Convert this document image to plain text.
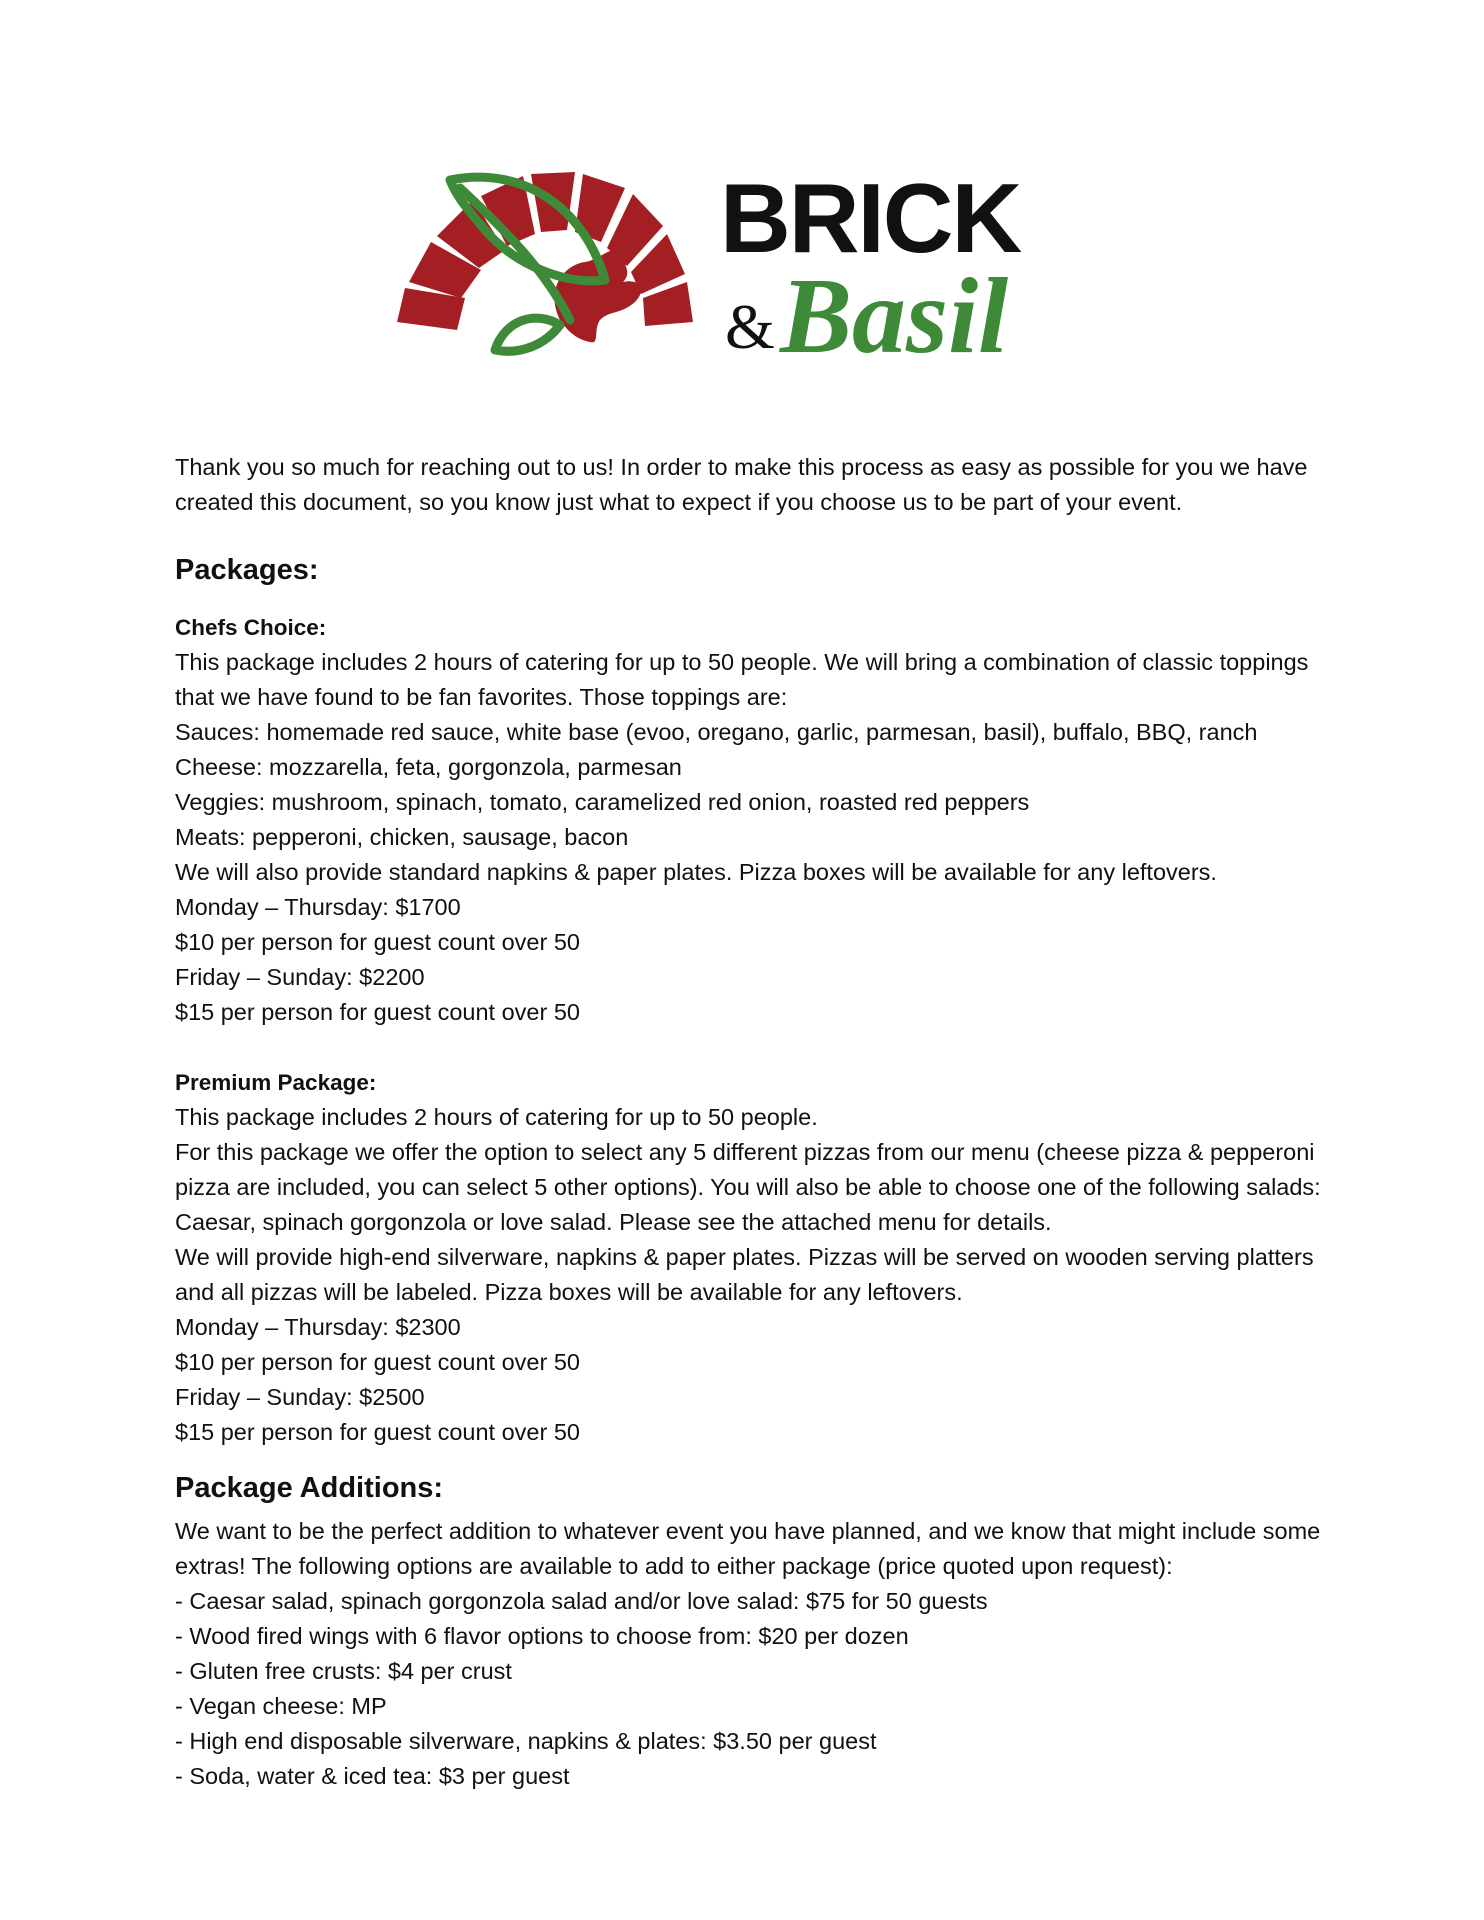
BRICK
& Basil

Thank you so much for reaching out to us! In order to make this process as easy as possible for you we have created this document, so you know just what to expect if you choose us to be part of your event.

Packages:

Chefs Choice:

This package includes 2 hours of catering for up to 50 people. We will bring a combination of classic toppings that we have found to be fan favorites. Those toppings are:

Sauces: homemade red sauce, white base (evoo, oregano, garlic, parmesan, basil), buffalo, BBQ, ranch

Cheese: mozzarella, feta, gorgonzola, parmesan

Veggies: mushroom, spinach, tomato, caramelized red onion, roasted red peppers

Meats: pepperoni, chicken, sausage, bacon

We will also provide standard napkins & paper plates. Pizza boxes will be available for any leftovers.

Monday – Thursday: $1700

$10 per person for guest count over 50

Friday – Sunday: $2200

$15 per person for guest count over 50

Premium Package:

This package includes 2 hours of catering for up to 50 people.

For this package we offer the option to select any 5 different pizzas from our menu (cheese pizza & pepperoni pizza are included, you can select 5 other options). You will also be able to choose one of the following salads: Caesar, spinach gorgonzola or love salad. Please see the attached menu for details.

We will provide high-end silverware, napkins & paper plates. Pizzas will be served on wooden serving platters and all pizzas will be labeled. Pizza boxes will be available for any leftovers.

Monday – Thursday: $2300

$10 per person for guest count over 50

Friday – Sunday: $2500

$15 per person for guest count over 50

Package Additions:

We want to be the perfect addition to whatever event you have planned, and we know that might include some extras! The following options are available to add to either package (price quoted upon request):

- Caesar salad, spinach gorgonzola salad and/or love salad: $75 for 50 guests

- Wood fired wings with 6 flavor options to choose from: $20 per dozen

- Gluten free crusts: $4 per crust

- Vegan cheese: MP

- High end disposable silverware, napkins & plates: $3.50 per guest

- Soda, water & iced tea: $3 per guest
